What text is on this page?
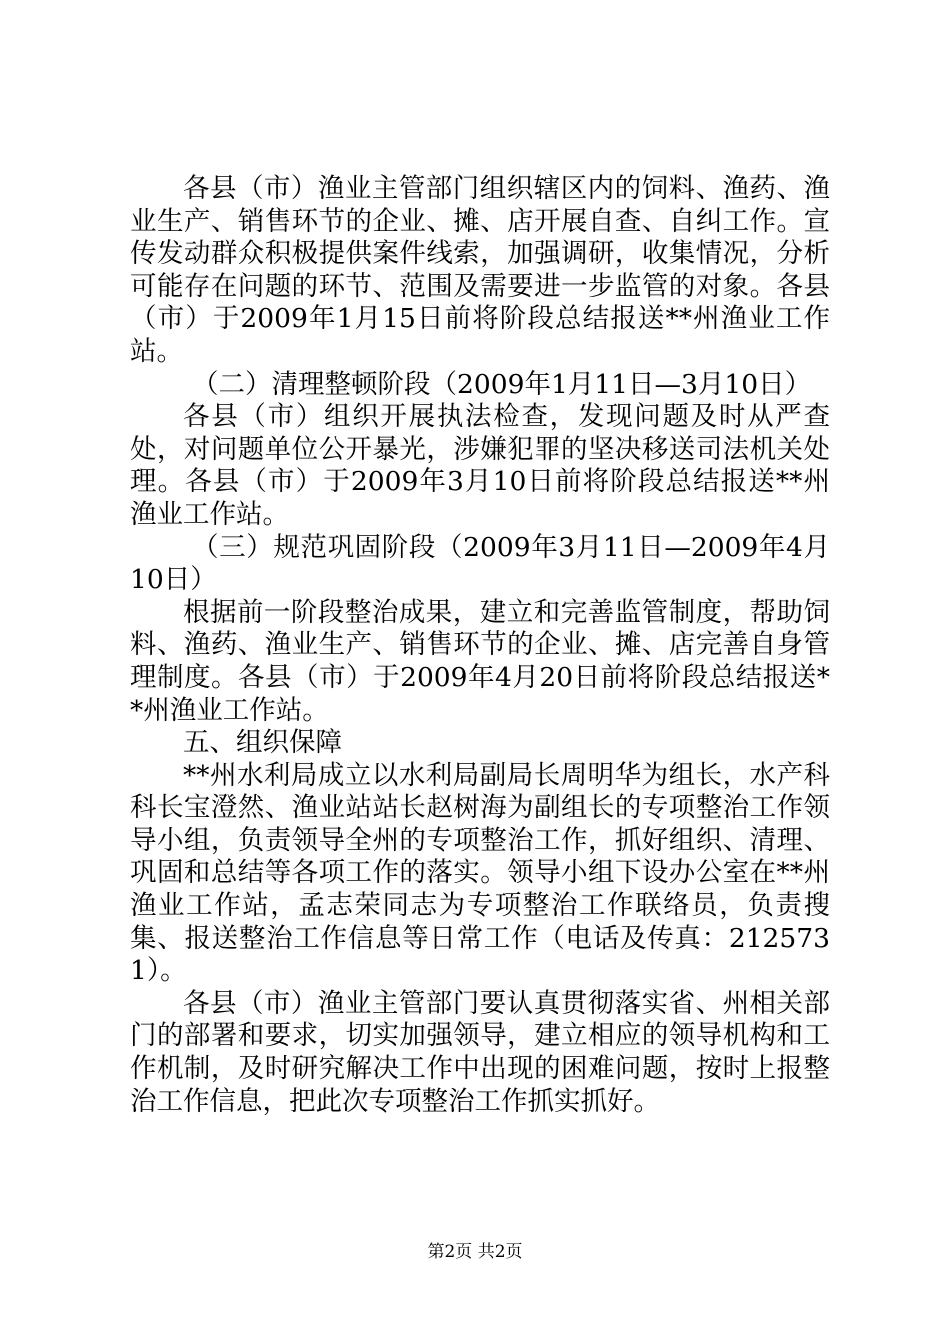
各县（市）渔业主管部门组织辖区内的饲料、渔药、渔业生产、销售环节的企业、摊、店开展自查、自纠工作。宣传发动群众积极提供案件线索，加强调研，收集情况，分析可能存在问题的环节、范围及需要进一步监管的对象。各县（市）于2009年1月15日前将阶段总结报送**州渔业工作站。

（二）清理整顿阶段（2009年1月11日—3月10日）

各县（市）组织开展执法检查，发现问题及时从严查处，对问题单位公开暴光，涉嫌犯罪的坚决移送司法机关处理。各县（市）于2009年3月10日前将阶段总结报送**州渔业工作站。

（三）规范巩固阶段（2009年3月11日—2009年4月10日）

根据前一阶段整治成果，建立和完善监管制度，帮助饲料、渔药、渔业生产、销售环节的企业、摊、店完善自身管理制度。各县（市）于2009年4月20日前将阶段总结报送**州渔业工作站。

五、组织保障

**州水利局成立以水利局副局长周明华为组长，水产科科长宝澄然、渔业站站长赵树海为副组长的专项整治工作领导小组，负责领导全州的专项整治工作，抓好组织、清理、巩固和总结等各项工作的落实。领导小组下设办公室在**州渔业工作站，孟志荣同志为专项整治工作联络员，负责搜集、报送整治工作信息等日常工作（电话及传真：2125731）。

各县（市）渔业主管部门要认真贯彻落实省、州相关部门的部署和要求，切实加强领导，建立相应的领导机构和工作机制，及时研究解决工作中出现的困难问题，按时上报整治工作信息，把此次专项整治工作抓实抓好。

第2页 共2页
